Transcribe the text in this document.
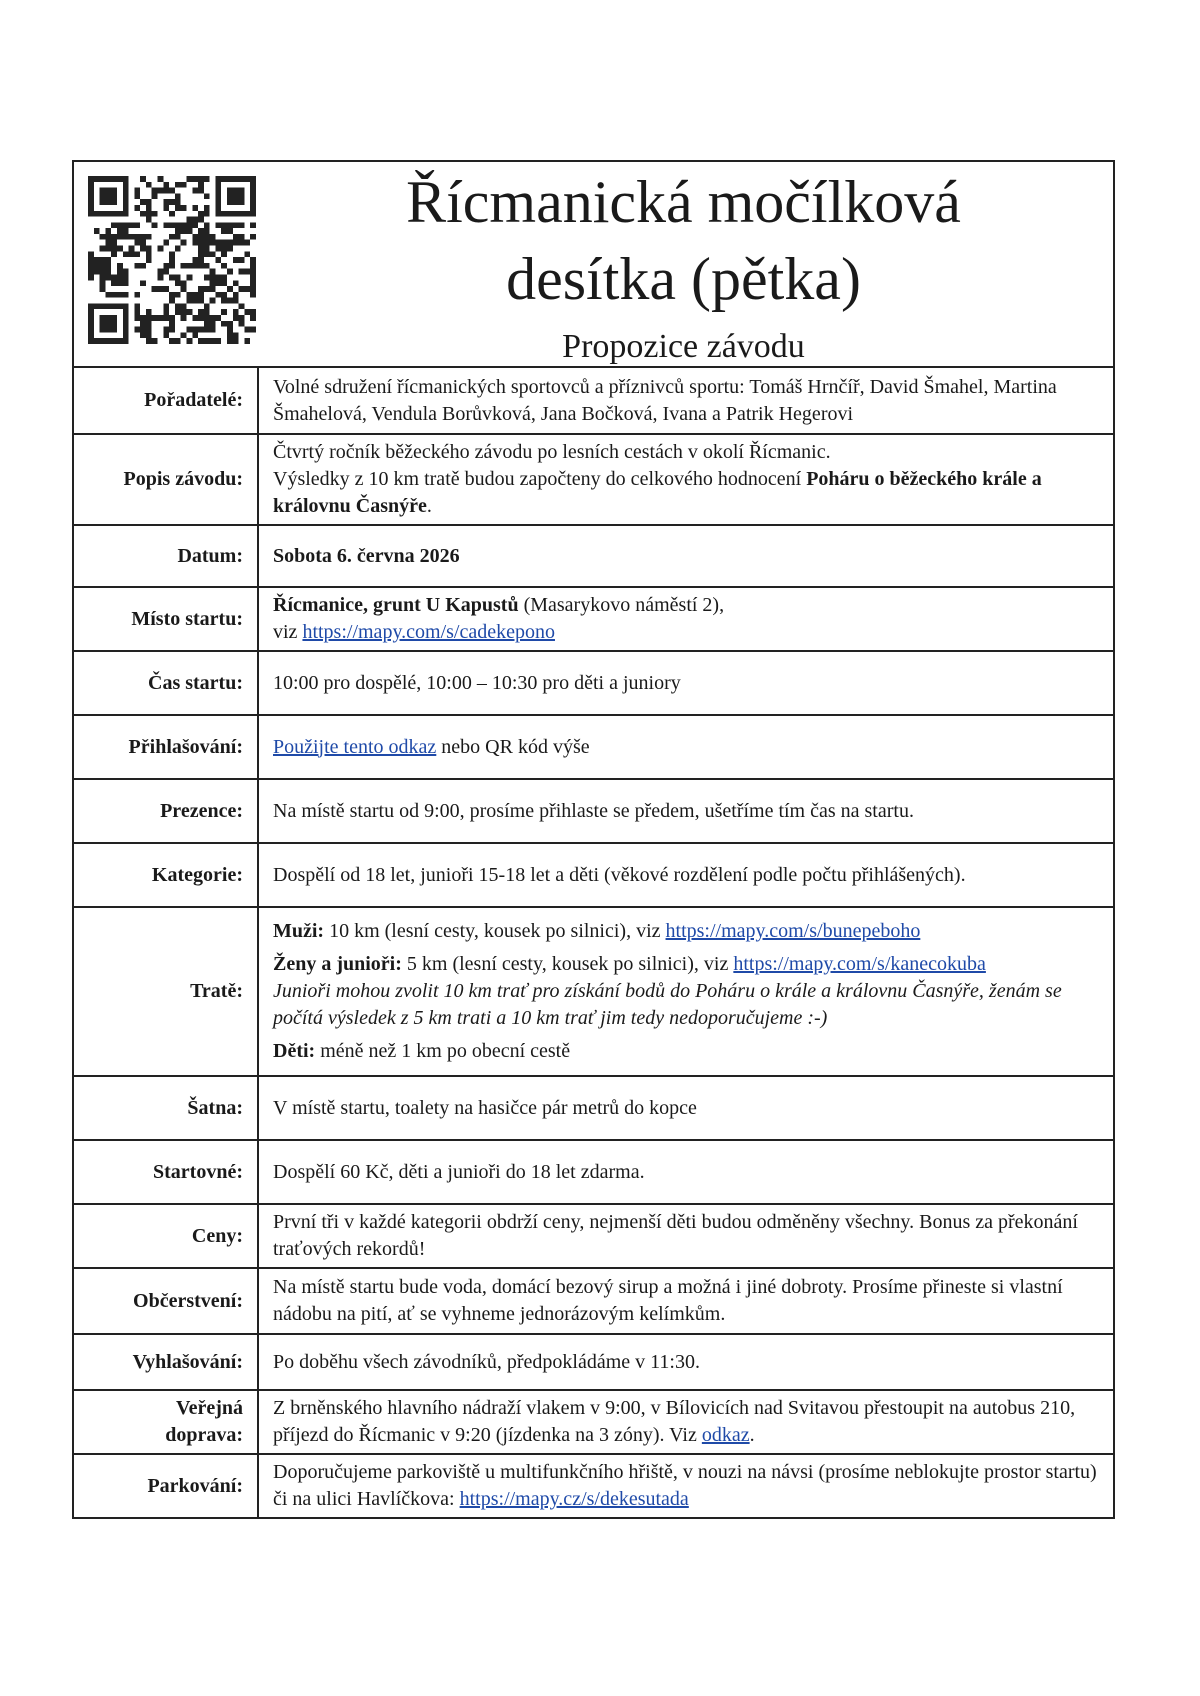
Řícmanická močílková
desítka (pětka)
Propozice závodu
Pořadatelé:	Volné sdružení řícmanických sportovců a příznivců sportu: Tomáš Hrnčíř, David Šmahel, Martina Šmahelová, Vendula Borůvková, Jana Bočková, Ivana a Patrik Hegerovi
Popis závodu:	Čtvrtý ročník běžeckého závodu po lesních cestách v okolí Řícmanic.
Výsledky z 10 km tratě budou započteny do celkového hodnocení Poháru o běžeckého krále a královnu Časnýře.
Datum:	Sobota 6. června 2026
Místo startu:	Řícmanice, grunt U Kapustů (Masarykovo náměstí 2),
viz https://mapy.com/s/cadekepono
Čas startu:	10:00 pro dospělé, 10:00 – 10:30 pro děti a juniory
Přihlašování:	Použijte tento odkaz nebo QR kód výše
Prezence:	Na místě startu od 9:00, prosíme přihlaste se předem, ušetříme tím čas na startu.
Kategorie:	Dospělí od 18 let, junioři 15-18 let a děti (věkové rozdělení podle počtu přihlášených).
Tratě:	Muži: 10 km (lesní cesty, kousek po silnici), viz https://mapy.com/s/bunepeboho
Ženy a junioři: 5 km (lesní cesty, kousek po silnici), viz https://mapy.com/s/kanecokuba
Junioři mohou zvolit 10 km trať pro získání bodů do Poháru o krále a královnu Časnýře, ženám se počítá výsledek z 5 km trati a 10 km trať jim tedy nedoporučujeme :-)
Děti: méně než 1 km po obecní cestě

Šatna:	V místě startu, toalety na hasičce pár metrů do kopce
Startovné:	Dospělí 60 Kč, děti a junioři do 18 let zdarma.
Ceny:	První tři v každé kategorii obdrží ceny, nejmenší děti budou odměněny všechny. Bonus za překonání traťových rekordů!
Občerstvení:	Na místě startu bude voda, domácí bezový sirup a možná i jiné dobroty. Prosíme přineste si vlastní nádobu na pití, ať se vyhneme jednorázovým kelímkům.
Vyhlašování:	Po doběhu všech závodníků, předpokládáme v 11:30.
Veřejná
doprava:	Z brněnského hlavního nádraží vlakem v 9:00, v Bílovicích nad Svitavou přestoupit na autobus 210, příjezd do Řícmanic v 9:20 (jízdenka na 3 zóny). Viz odkaz.
Parkování:	Doporučujeme parkoviště u multifunkčního hřiště, v nouzi na návsi (prosíme neblokujte prostor startu) či na ulici Havlíčkova: https://mapy.cz/s/dekesutada
